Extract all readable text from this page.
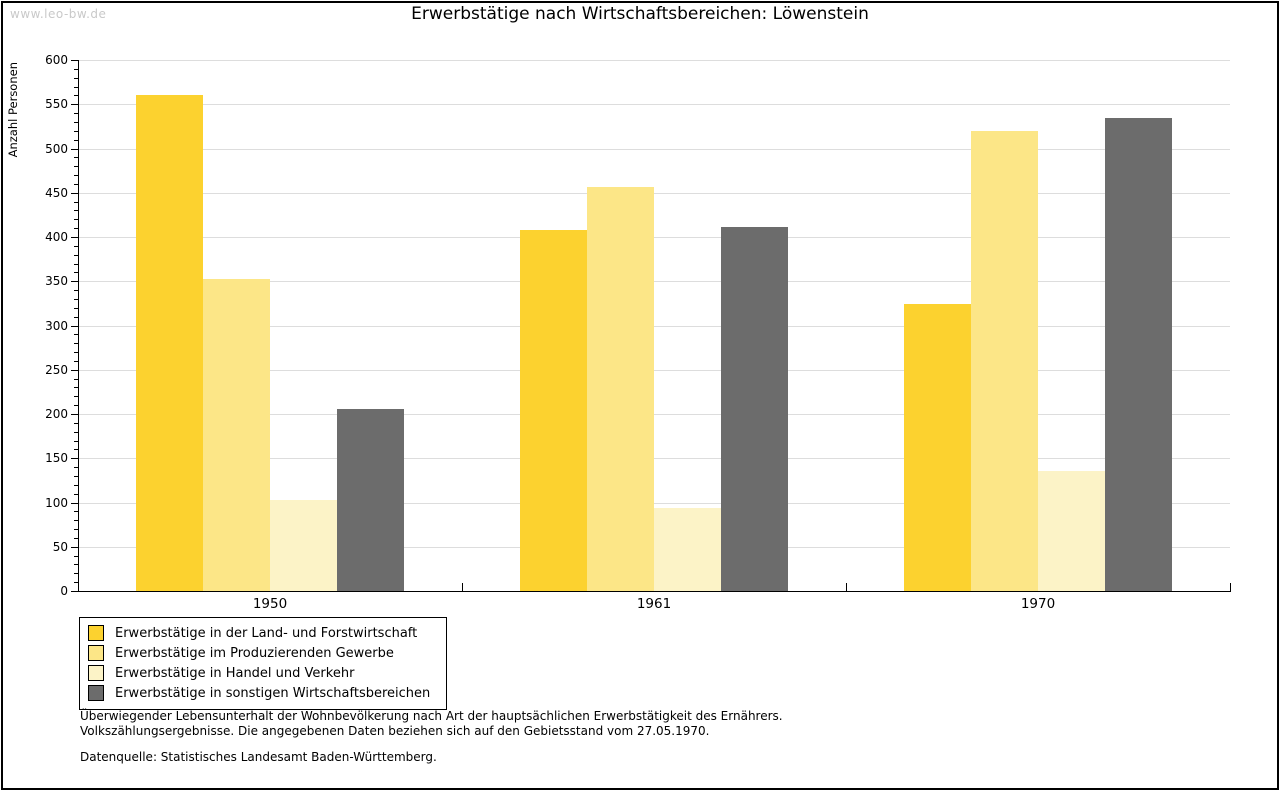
www.leo-bw.de	Erwerbstätige nach Wirtschaftsbereichen: Löwenstein
Anzahl Personen
1950	1961	1970
0
50
100
150
200
250
300
350
400
450
500
550
600
Erwerbstätige in der Land- und Forstwirtschaft
Erwerbstätige im Produzierenden Gewerbe
Erwerbstätige in Handel und Verkehr
Erwerbstätige in sonstigen Wirtschaftsbereichen
Überwiegender Lebensunterhalt der Wohnbevölkerung nach Art der hauptsächlichen Erwerbstätigkeit des Ernährers.
Volkszählungsergebnisse. Die angegebenen Daten beziehen sich auf den Gebietsstand vom 27.05.1970.
Datenquelle: Statistisches Landesamt Baden-Württemberg.
